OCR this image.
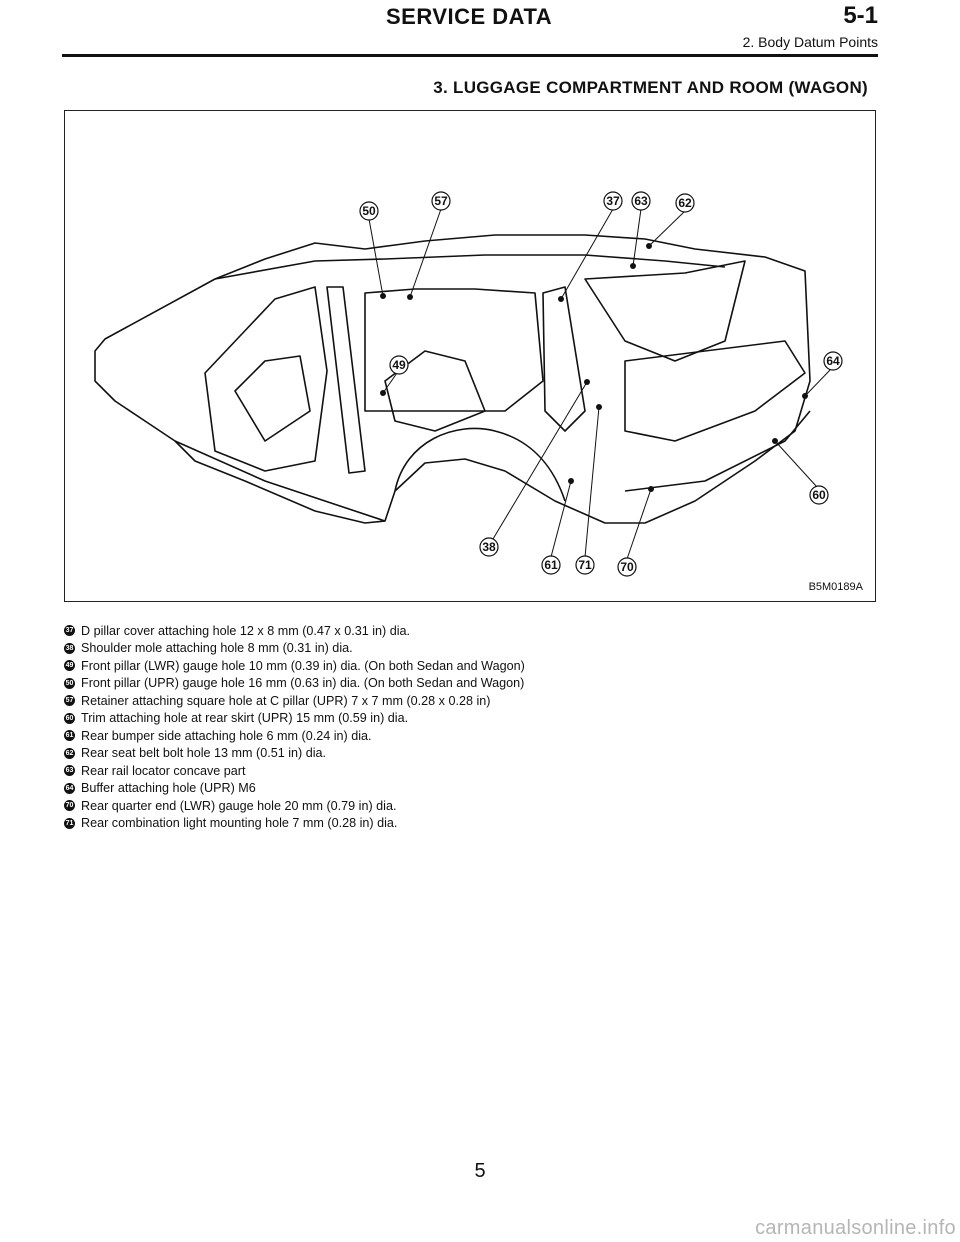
SERVICE DATA	5-1
2. Body Datum Points
3. LUGGAGE COMPARTMENT AND ROOM (WAGON)
50
57	37 63	62
49	64
60
38
61 71 70
B5M0189A
37 D pillar cover attaching hole 12 x 8 mm (0.47 x 0.31 in) dia.
38 Shoulder mole attaching hole 8 mm (0.31 in) dia.
49 Front pillar (LWR) gauge hole 10 mm (0.39 in) dia. (On both Sedan and Wagon)
50 Front pillar (UPR) gauge hole 16 mm (0.63 in) dia. (On both Sedan and Wagon)
57 Retainer attaching square hole at C pillar (UPR) 7 x 7 mm (0.28 x 0.28 in)
60 Trim attaching hole at rear skirt (UPR) 15 mm (0.59 in) dia.
61 Rear bumper side attaching hole 6 mm (0.24 in) dia.
62 Rear seat belt bolt hole 13 mm (0.51 in) dia.
63 Rear rail locator concave part
64 Buffer attaching hole (UPR) M6
70 Rear quarter end (LWR) gauge hole 20 mm (0.79 in) dia.
71 Rear combination light mounting hole 7 mm (0.28 in) dia.
5
carmanualsonline.info
